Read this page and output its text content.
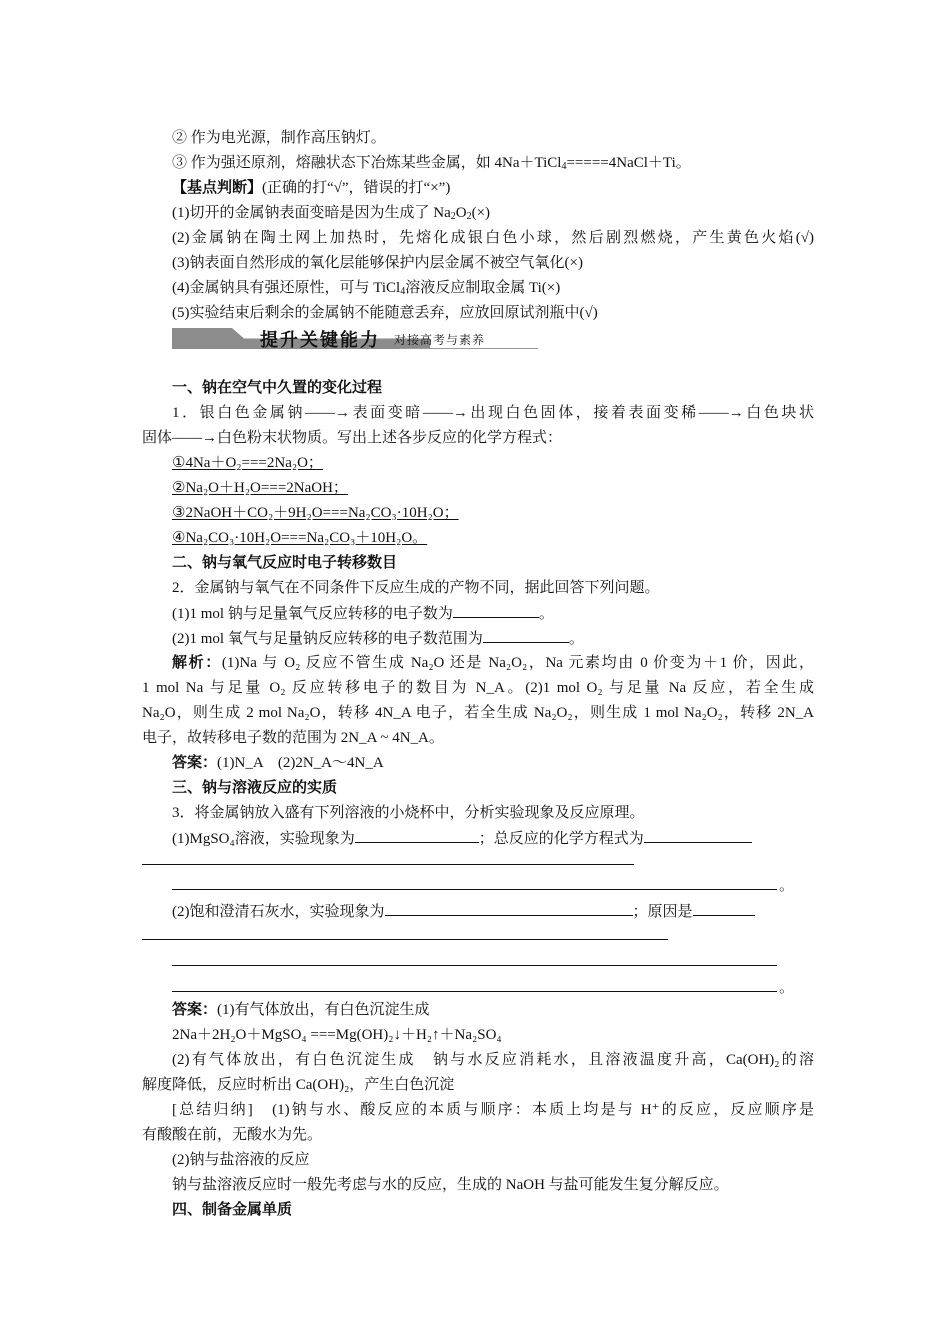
② 作为电光源，制作高压钠灯。
③ 作为强还原剂，熔融状态下冶炼某些金属，如 4Na＋TiCl$_4$=====4NaCl＋Ti。
【基点判断】(正确的打“√”，错误的打“×”)
(1)切开的金属钠表面变暗是因为生成了 $Na_2O_2(\times)$
(2)金属钠在陶土网上加热时，先熔化成银白色小球，然后剧烈燃烧，产生黄色火焰(√)
(3)钠表面自然形成的氧化层能够保护内层金属不被空气氧化(×)
(4)金属钠具有强还原性，可与 TiCl$_4$溶液反应制取金属 Ti(×)
(5)实验结束后剩余的金属钠不能随意丢弃，应放回原试剂瓶中(√)
提升关键能力 对接高考与素养
一、钠在空气中久置的变化过程
1．银白色金属钠——→表面变暗——→出现白色固体，接着表面变稀——→白色块状
固体——→白色粉末状物质。写出上述各步反应的化学方程式：
①4Na＋O₂===2Na₂O；
②Na₂O＋H₂O===2NaOH；
③2NaOH＋CO₂＋9H₂O===Na₂CO₃·10H₂O；
④Na₂CO₃·10H₂O===Na₂CO₃＋10H₂O。
二、钠与氧气反应时电子转移数目
2．金属钠与氧气在不同条件下反应生成的产物不同，据此回答下列问题。
(1)1 mol 钠与足量氧气反应转移的电子数为	。
(2)1 mol 氧气与足量钠反应转移的电子数范围为	。
解析：(1)Na 与 O₂ 反应不管生成 Na₂O 还是 Na₂O₂，Na 元素均由 0 价变为＋1 价，因此，
1 mol Na 与足量 O₂ 反应转移电子的数目为 N_A。(2)1 mol O₂ 与足量 Na 反应，若全生成
Na₂O，则生成 2 mol Na₂O，转移 4N_A 电子，若全生成 Na₂O₂，则生成 1 mol Na₂O₂，转移 2N_A
电子，故转移电子数的范围为 2N_A ~ 4N_A。
答案：(1)N_A　(2)2N_A～4N_A
三、钠与溶液反应的实质
3．将金属钠放入盛有下列溶液的小烧杯中，分析实验现象及反应原理。
(1)MgSO₄溶液，实验现象为	；总反应的化学方程式为
。
(2)饱和澄清石灰水，实验现象为	；原因是
。
答案：(1)有气体放出，有白色沉淀生成
2Na＋2H₂O＋MgSO₄ ===Mg(OH)₂↓＋H₂↑＋Na₂SO₄
(2)有气体放出，有白色沉淀生成　钠与水反应消耗水，且溶液温度升高，Ca(OH)₂的溶
解度降低，反应时析出 Ca(OH)₂，产生白色沉淀
[总结归纳]　 (1)钠与水、酸反应的本质与顺序：本质上均是与 H⁺的反应，反应顺序是
有酸酸在前，无酸水为先。
(2)钠与盐溶液的反应
钠与盐溶液反应时一般先考虑与水的反应，生成的 NaOH 与盐可能发生复分解反应。
四、制备金属单质
